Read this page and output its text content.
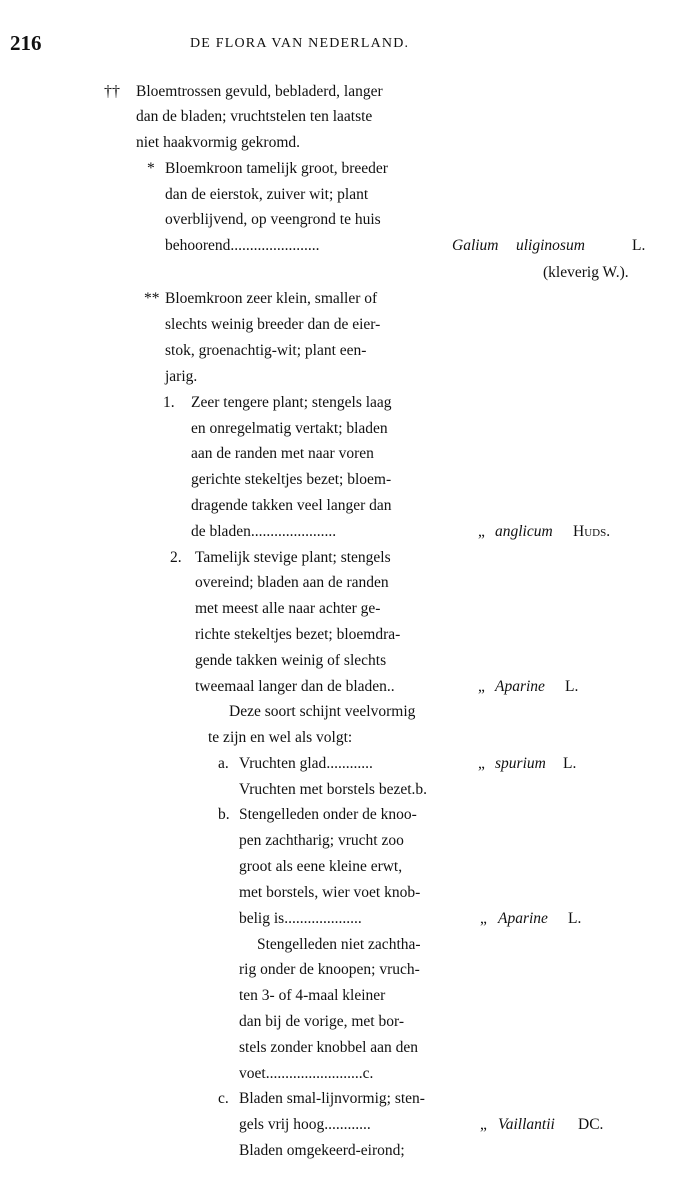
216	DE FLORA VAN NEDERLAND.
†† Bloemtrossen gevuld, bebladerd, langer
dan de bladen; vruchtstelen ten laatste
niet haakvormig gekromd.
* Bloemkroon tamelijk groot, breeder
dan de eierstok, zuiver wit; plant
overblijvend, op veengrond te huis
behoorend.......................	Galium uliginosum	L.
(kleverig W.).
** Bloemkroon zeer klein, smaller of
slechts weinig breeder dan de eier-
stok, groenachtig-wit; plant een-
jarig.
1. Zeer tengere plant; stengels laag
en onregelmatig vertakt; bladen
aan de randen met naar voren
gerichte stekeltjes bezet; bloem-
dragende takken veel langer dan
de bladen......................	„ anglicum Huds.
2. Tamelijk stevige plant; stengels
overeind; bladen aan de randen
met meest alle naar achter ge-
richte stekeltjes bezet; bloemdra-
gende takken weinig of slechts
tweemaal langer dan de bladen..	„ Aparine L.
Deze soort schijnt veelvormig
te zijn en wel als volgt:
a. Vruchten glad............	„ spurium L.
Vruchten met borstels bezet.b.
b. Stengelleden onder de knoo-
pen zachtharig; vrucht zoo
groot als eene kleine erwt,
met borstels, wier voet knob-
belig is....................	„ Aparine L.
Stengelleden niet zachtha-
rig onder de knoopen; vruch-
ten 3- of 4-maal kleiner
dan bij de vorige, met bor-
stels zonder knobbel aan den
voet.........................c.
c. Bladen smal-lijnvormig; sten-
gels vrij hoog............	„ Vaillantii DC.
Bladen omgekeerd-eirond;
